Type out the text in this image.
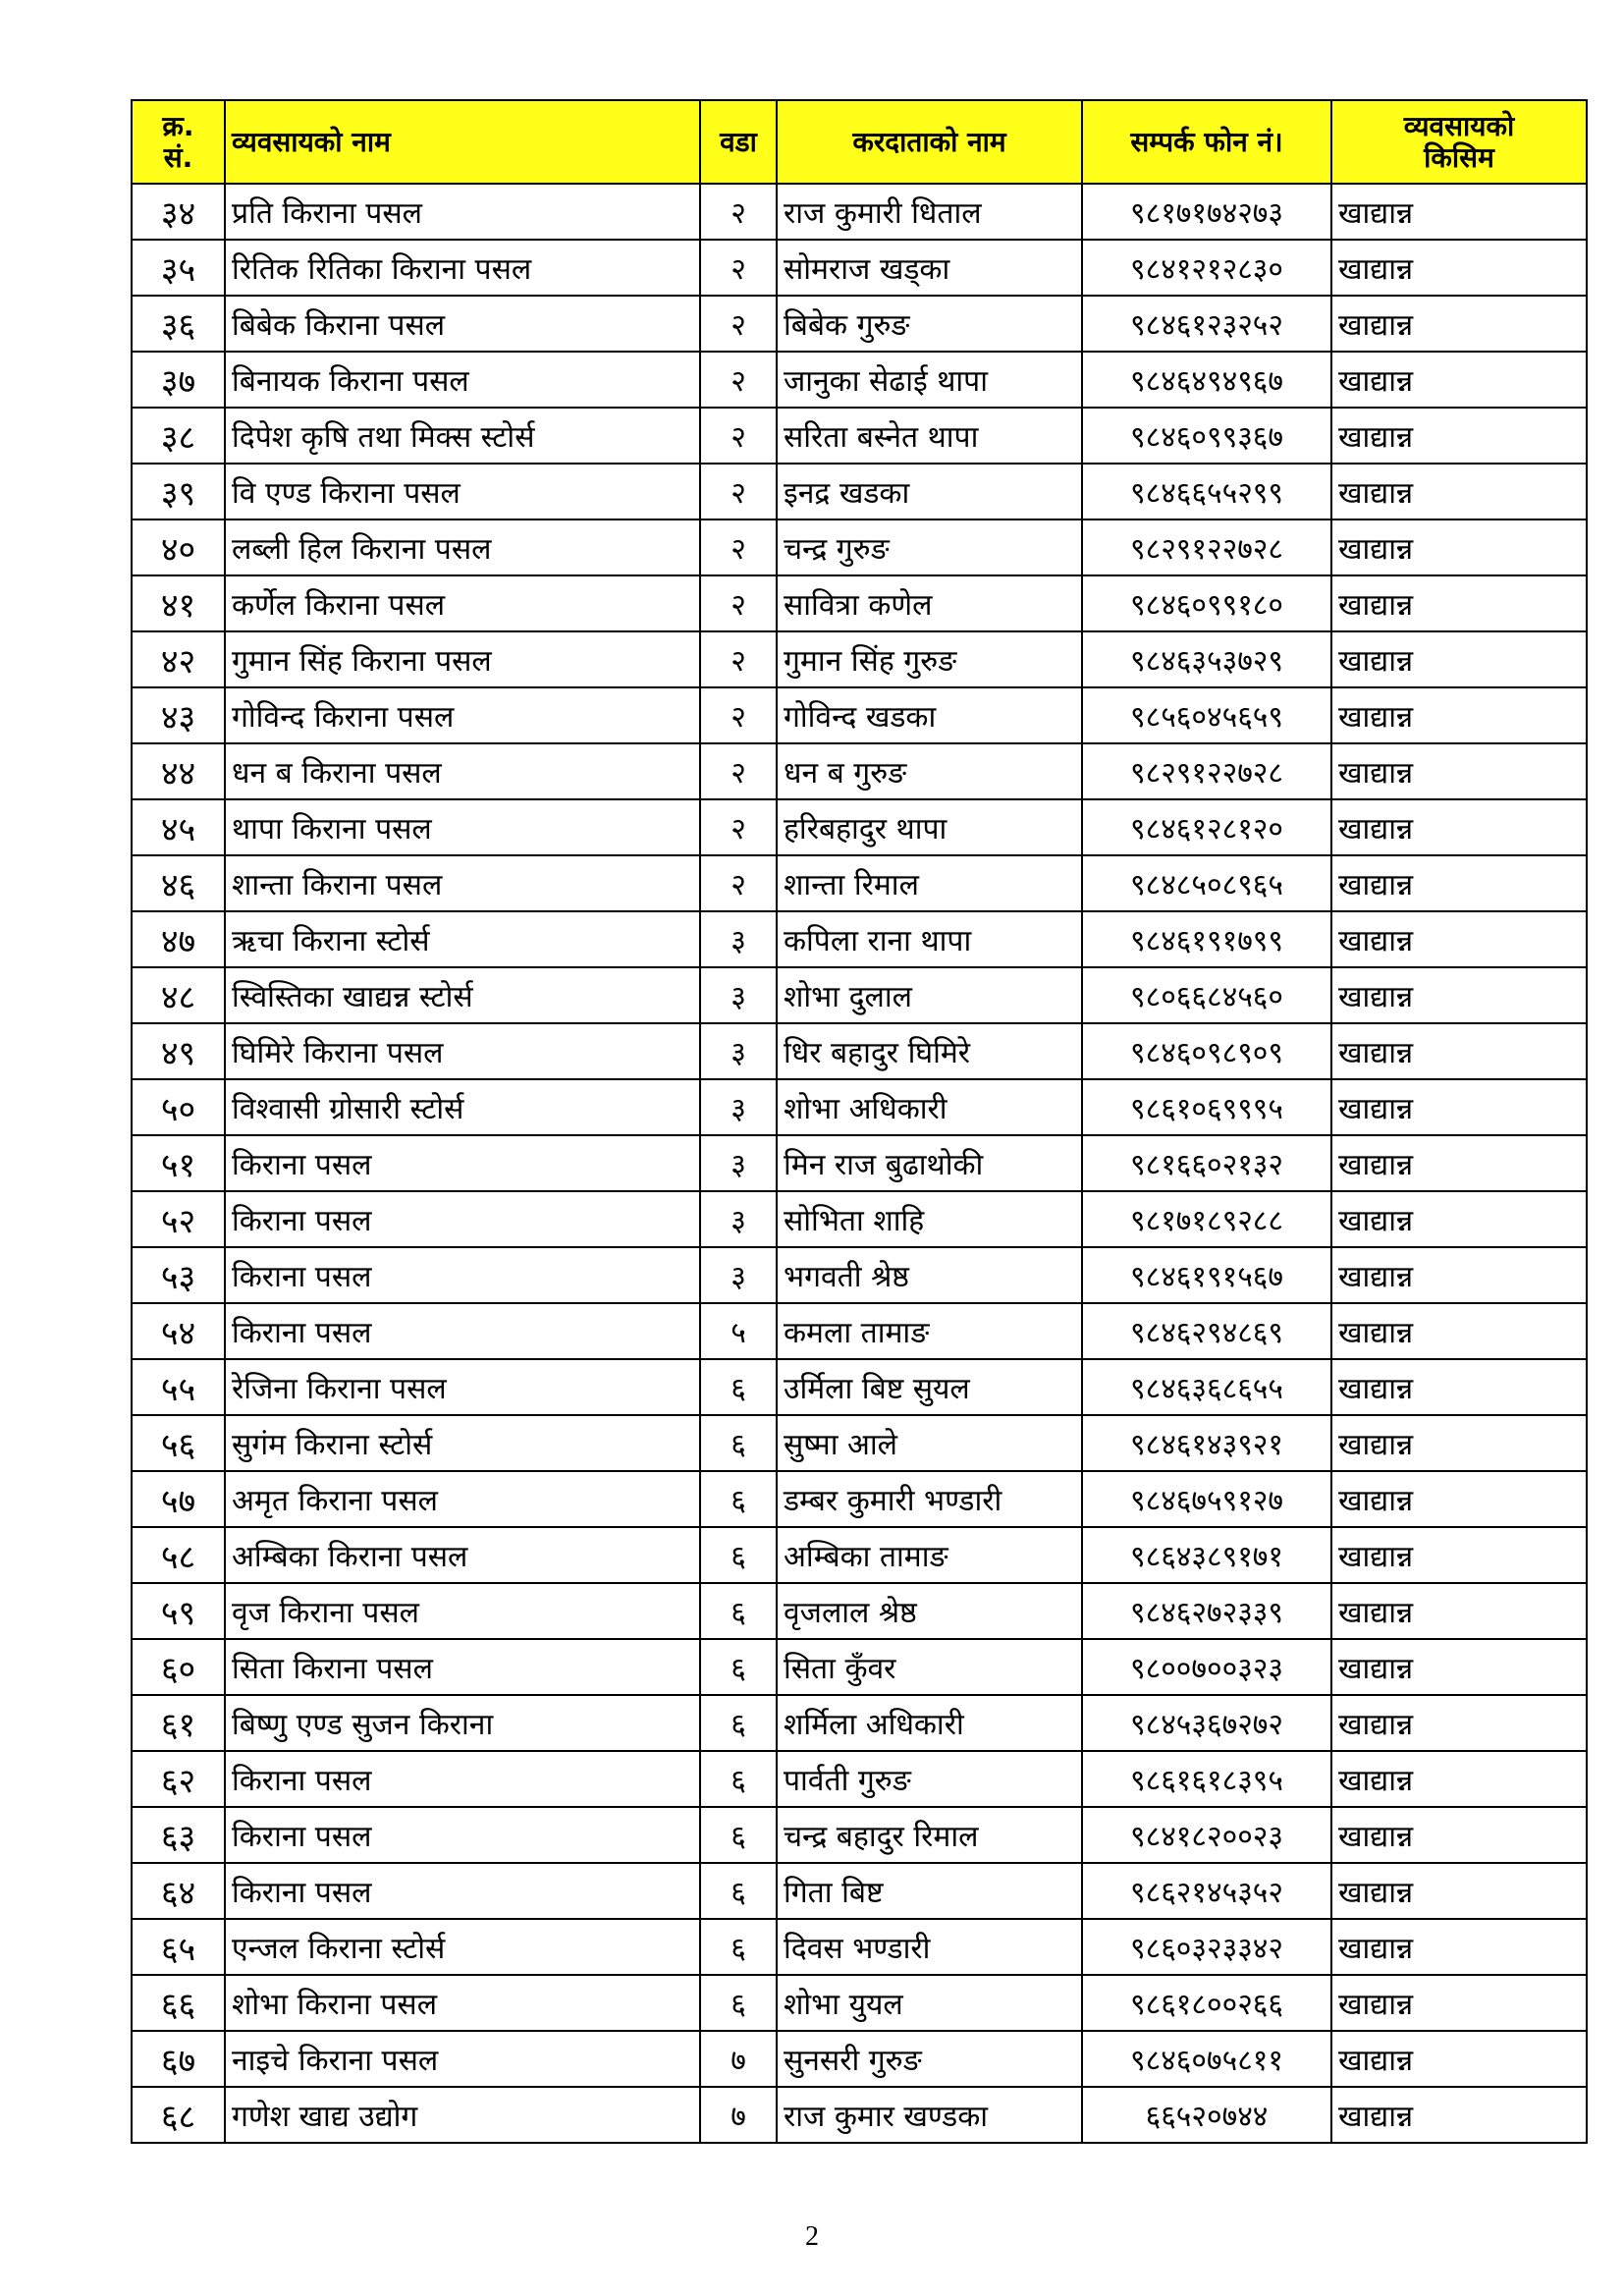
क्र.
सं.	व्यवसायको नाम	वडा	करदाताको नाम	सम्पर्क फोन नं।	व्यवसायको
किसिम

३४	प्रति किराना पसल	२	राज कुमारी धिताल	९८१७१७४२७३	खाद्यान्न
३५	रितिक रितिका किराना पसल	२	सोमराज खड्का	९८४१२१२८३०	खाद्यान्न
३६	बिबेक किराना पसल	२	बिबेक गुरुङ	९८४६१२३२५२	खाद्यान्न
३७	बिनायक किराना पसल	२	जानुका सेढाई थापा	९८४६४९४९६७	खाद्यान्न
३८	दिपेश कृषि तथा मिक्स स्टोर्स	२	सरिता बस्नेत थापा	९८४६०९९३६७	खाद्यान्न
३९	वि एण्ड किराना पसल	२	इनद्र खडका	९८४६६५५२९९	खाद्यान्न
४०	लब्ली हिल किराना पसल	२	चन्द्र गुरुङ	९८२९१२२७२८	खाद्यान्न
४१	कर्णेल किराना पसल	२	सावित्रा कणेल	९८४६०९९१८०	खाद्यान्न
४२	गुमान सिंह किराना पसल	२	गुमान सिंह गुरुङ	९८४६३५३७२९	खाद्यान्न
४३	गोविन्द किराना पसल	२	गोविन्द खडका	९८५६०४५६५९	खाद्यान्न
४४	धन ब किराना पसल	२	धन ब गुरुङ	९८२९१२२७२८	खाद्यान्न
४५	थापा किराना पसल	२	हरिबहादुर थापा	९८४६१२८१२०	खाद्यान्न
४६	शान्ता किराना पसल	२	शान्ता रिमाल	९८४८५०८९६५	खाद्यान्न
४७	ऋचा किराना स्टोर्स	३	कपिला राना थापा	९८४६१९१७९९	खाद्यान्न
४८	स्विस्तिका खाद्यन्न स्टोर्स	३	शोभा दुलाल	९८०६६८४५६०	खाद्यान्न
४९	घिमिरे किराना पसल	३	धिर बहादुर घिमिरे	९८४६०९८९०९	खाद्यान्न
५०	विश्वासी ग्रोसारी स्टोर्स	३	शोभा अधिकारी	९८६१०६९९९५	खाद्यान्न
५१	किराना पसल	३	मिन राज बुढाथोकी	९८१६६०२१३२	खाद्यान्न
५२	किराना पसल	३	सोभिता शाहि	९८१७१८९२८८	खाद्यान्न
५३	किराना पसल	३	भगवती श्रेष्ठ	९८४६१९१५६७	खाद्यान्न
५४	किराना पसल	५	कमला तामाङ	९८४६२९४८६९	खाद्यान्न
५५	रेजिना किराना पसल	६	उर्मिला बिष्ट सुयल	९८४६३६८६५५	खाद्यान्न
५६	सुगंम किराना स्टोर्स	६	सुष्मा आले	९८४६१४३९२१	खाद्यान्न
५७	अमृत किराना पसल	६	डम्बर कुमारी भण्डारी	९८४६७५९१२७	खाद्यान्न
५८	अम्बिका किराना पसल	६	अम्बिका तामाङ	९८६४३८९१७१	खाद्यान्न
५९	वृज किराना पसल	६	वृजलाल श्रेष्ठ	९८४६२७२३३९	खाद्यान्न
६०	सिता किराना पसल	६	सिता कुँवर	९८००७००३२३	खाद्यान्न
६१	बिष्णु एण्ड सुजन किराना	६	शर्मिला अधिकारी	९८४५३६७२७२	खाद्यान्न
६२	किराना पसल	६	पार्वती गुरुङ	९८६१६१८३९५	खाद्यान्न
६३	किराना पसल	६	चन्द्र बहादुर रिमाल	९८४१८२००२३	खाद्यान्न
६४	किराना पसल	६	गिता बिष्ट	९८६२१४५३५२	खाद्यान्न
६५	एन्जल किराना स्टोर्स	६	दिवस भण्डारी	९८६०३२३३४२	खाद्यान्न
६६	शोभा किराना पसल	६	शोभा युयल	९८६१८००२६६	खाद्यान्न
६७	नाइचे किराना पसल	७	सुनसरी गुरुङ	९८४६०७५८११	खाद्यान्न
६८	गणेश खाद्य उद्योग	७	राज कुमार खण्डका	६६५२०७४४	खाद्यान्न
2
